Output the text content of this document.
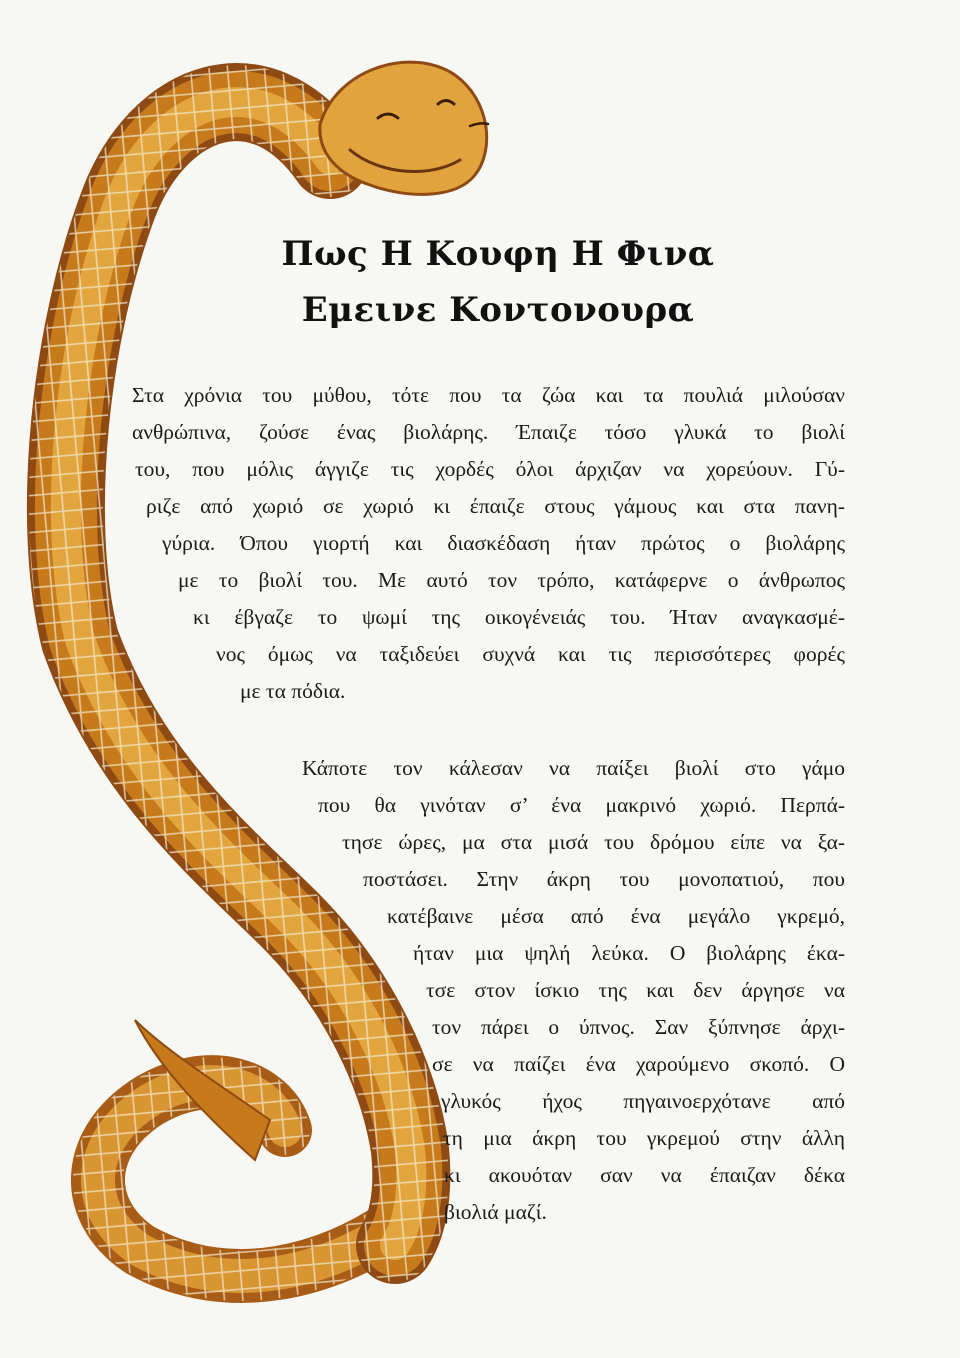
Πως Η Κουφη Η Φινα
Εμεινε Κοντονουρα
Στα χρόνια του μύθου, τότε που τα ζώα και τα πουλιά μιλούσαν
ανθρώπινα, ζούσε ένας βιολάρης. Έπαιζε τόσο γλυκά το βιολί
του, που μόλις άγγιζε τις χορδές όλοι άρχιζαν να χορεύουν. Γύ-
ριζε από χωριό σε χωριό κι έπαιζε στους γάμους και στα πανη-
γύρια. Όπου γιορτή και διασκέδαση ήταν πρώτος ο βιολάρης
με το βιολί του. Με αυτό τον τρόπο, κατάφερνε ο άνθρωπος
κι έβγαζε το ψωμί της οικογένειάς του. Ήταν αναγκασμέ-
νος όμως να ταξιδεύει συχνά και τις περισσότερες φορές
με τα πόδια.
Κάποτε τον κάλεσαν να παίξει βιολί στο γάμο
που θα γινόταν σ’ ένα μακρινό χωριό. Περπά-
τησε ώρες, μα στα μισά του δρόμου είπε να ξα-
ποστάσει. Στην άκρη του μονοπατιού, που
κατέβαινε μέσα από ένα μεγάλο γκρεμό,
ήταν μια ψηλή λεύκα. Ο βιολάρης έκα-
τσε στον ίσκιο της και δεν άργησε να
τον πάρει ο ύπνος. Σαν ξύπνησε άρχι-
σε να παίζει ένα χαρούμενο σκοπό. Ο
γλυκός ήχος πηγαινοερχότανε από
τη μια άκρη του γκρεμού στην άλλη
κι ακουόταν σαν να έπαιζαν δέκα
βιολιά μαζί.
